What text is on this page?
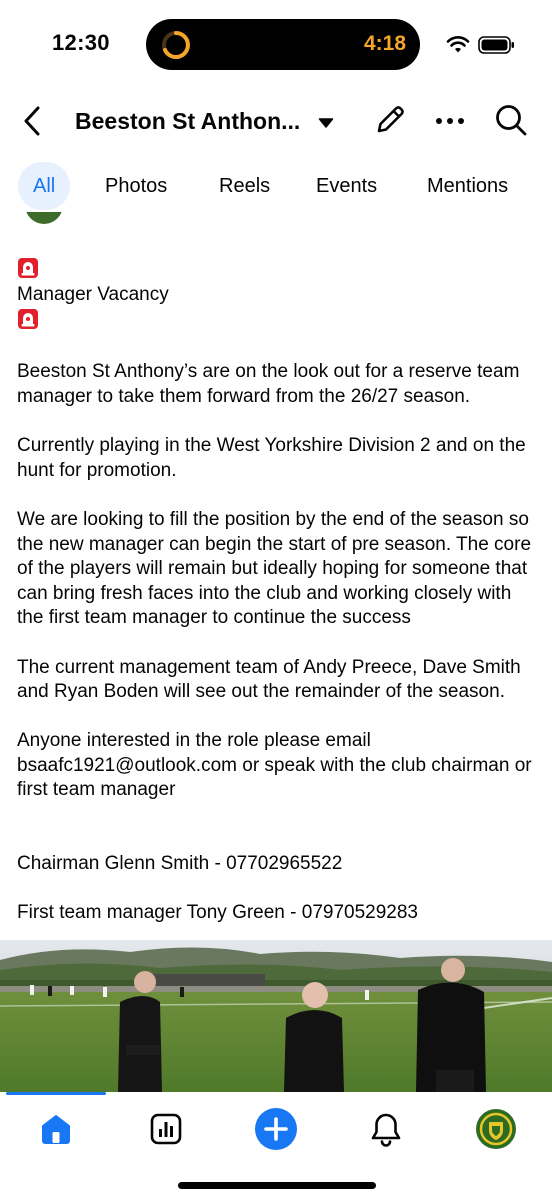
12:30	4:18
Beeston St Anthon...
All	Photos	Reels Events Mentions

Manager Vacancy

Beeston St Anthony’s are on the look out for a reserve team manager to take them forward from the 26/27 season.

Currently playing in the West Yorkshire Division 2 and on the hunt for promotion.

We are looking to fill the position by the end of the season so the new manager can begin the start of pre season. The core of the players will remain but ideally hoping for someone that can bring fresh faces into the club and working closely with the first team manager to continue the success

The current management team of Andy Preece, Dave Smith and Ryan Boden will see out the remainder of the season.

Anyone interested in the role please email bsaafc1921@outlook.com or speak with the club chairman or first team manager

Chairman Glenn Smith - 07702965522

First team manager Tony Green - 07970529283
